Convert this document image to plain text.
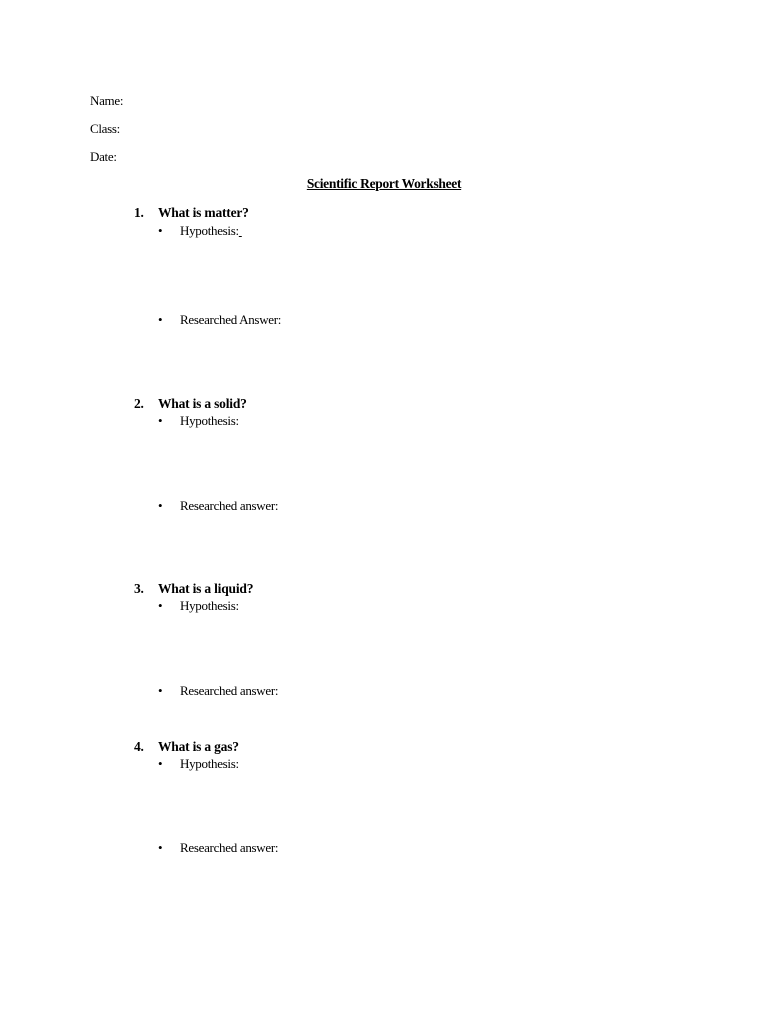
Name:
Class:
Date:
Scientific Report Worksheet
1. What is matter?
• Hypothesis:
• Researched Answer:
2. What is a solid?
• Hypothesis:
• Researched answer:
3. What is a liquid?
• Hypothesis:
• Researched answer:
4. What is a gas?
• Hypothesis:
• Researched answer:
